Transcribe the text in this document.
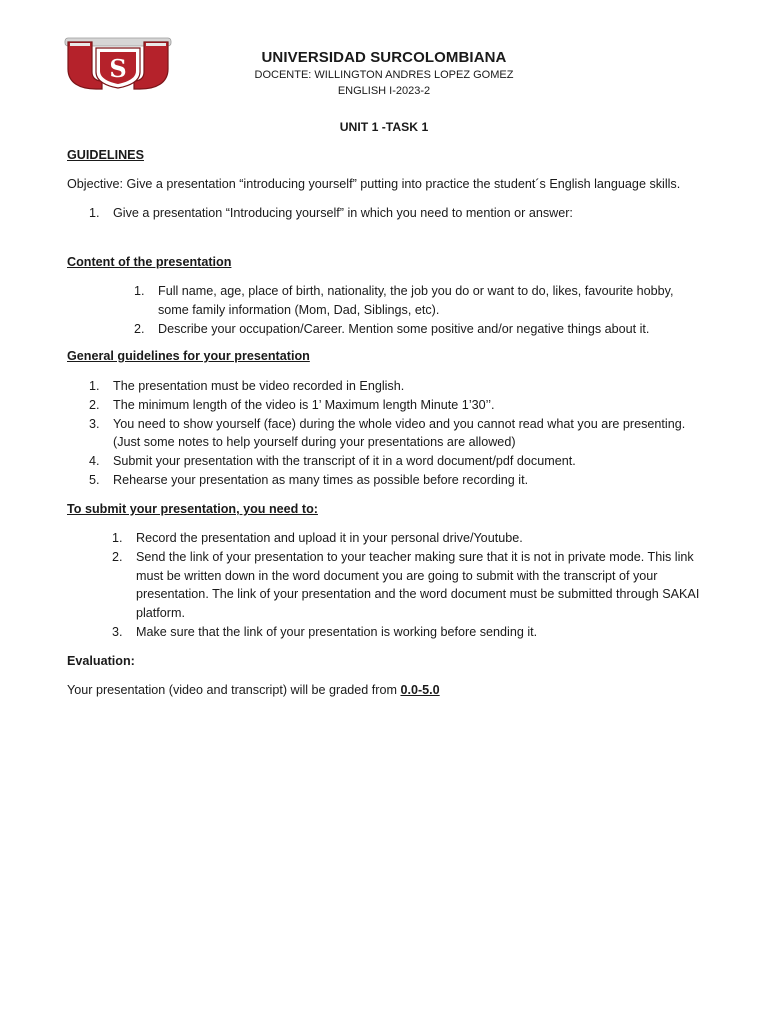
S	UNIVERSIDAD SURCOLOMBIANA
DOCENTE: WILLINGTON ANDRES LOPEZ GOMEZ
ENGLISH I-2023-2
UNIT 1 -TASK 1

GUIDELINES

Objective: Give a presentation “introducing yourself” putting into practice the student´s English language skills.

1.	Give a presentation “Introducing yourself” in which you need to mention or answer:

Content of the presentation

1.	Full name, age, place of birth, nationality, the job you do or want to do, likes, favourite hobby, some family information (Mom, Dad, Siblings, etc).
2.	Describe your occupation/Career. Mention some positive and/or negative things about it.

General guidelines for your presentation

1.	The presentation must be video recorded in English.
2.	The minimum length of the video is 1’ Maximum length Minute 1’30’’.
3.	You need to show yourself (face) during the whole video and you cannot read what you are presenting. (Just some notes to help yourself during your presentations are allowed)
4.	Submit your presentation with the transcript of it in a word document/pdf document.
5.	Rehearse your presentation as many times as possible before recording it.

To submit your presentation, you need to:

1.	Record the presentation and upload it in your personal drive/Youtube.
2.	Send the link of your presentation to your teacher making sure that it is not in private mode. This link must be written down in the word document you are going to submit with the transcript of your presentation. The link of your presentation and the word document must be submitted through SAKAI platform.
3.	Make sure that the link of your presentation is working before sending it.

Evaluation:

Your presentation (video and transcript) will be graded from 0.0-5.0
